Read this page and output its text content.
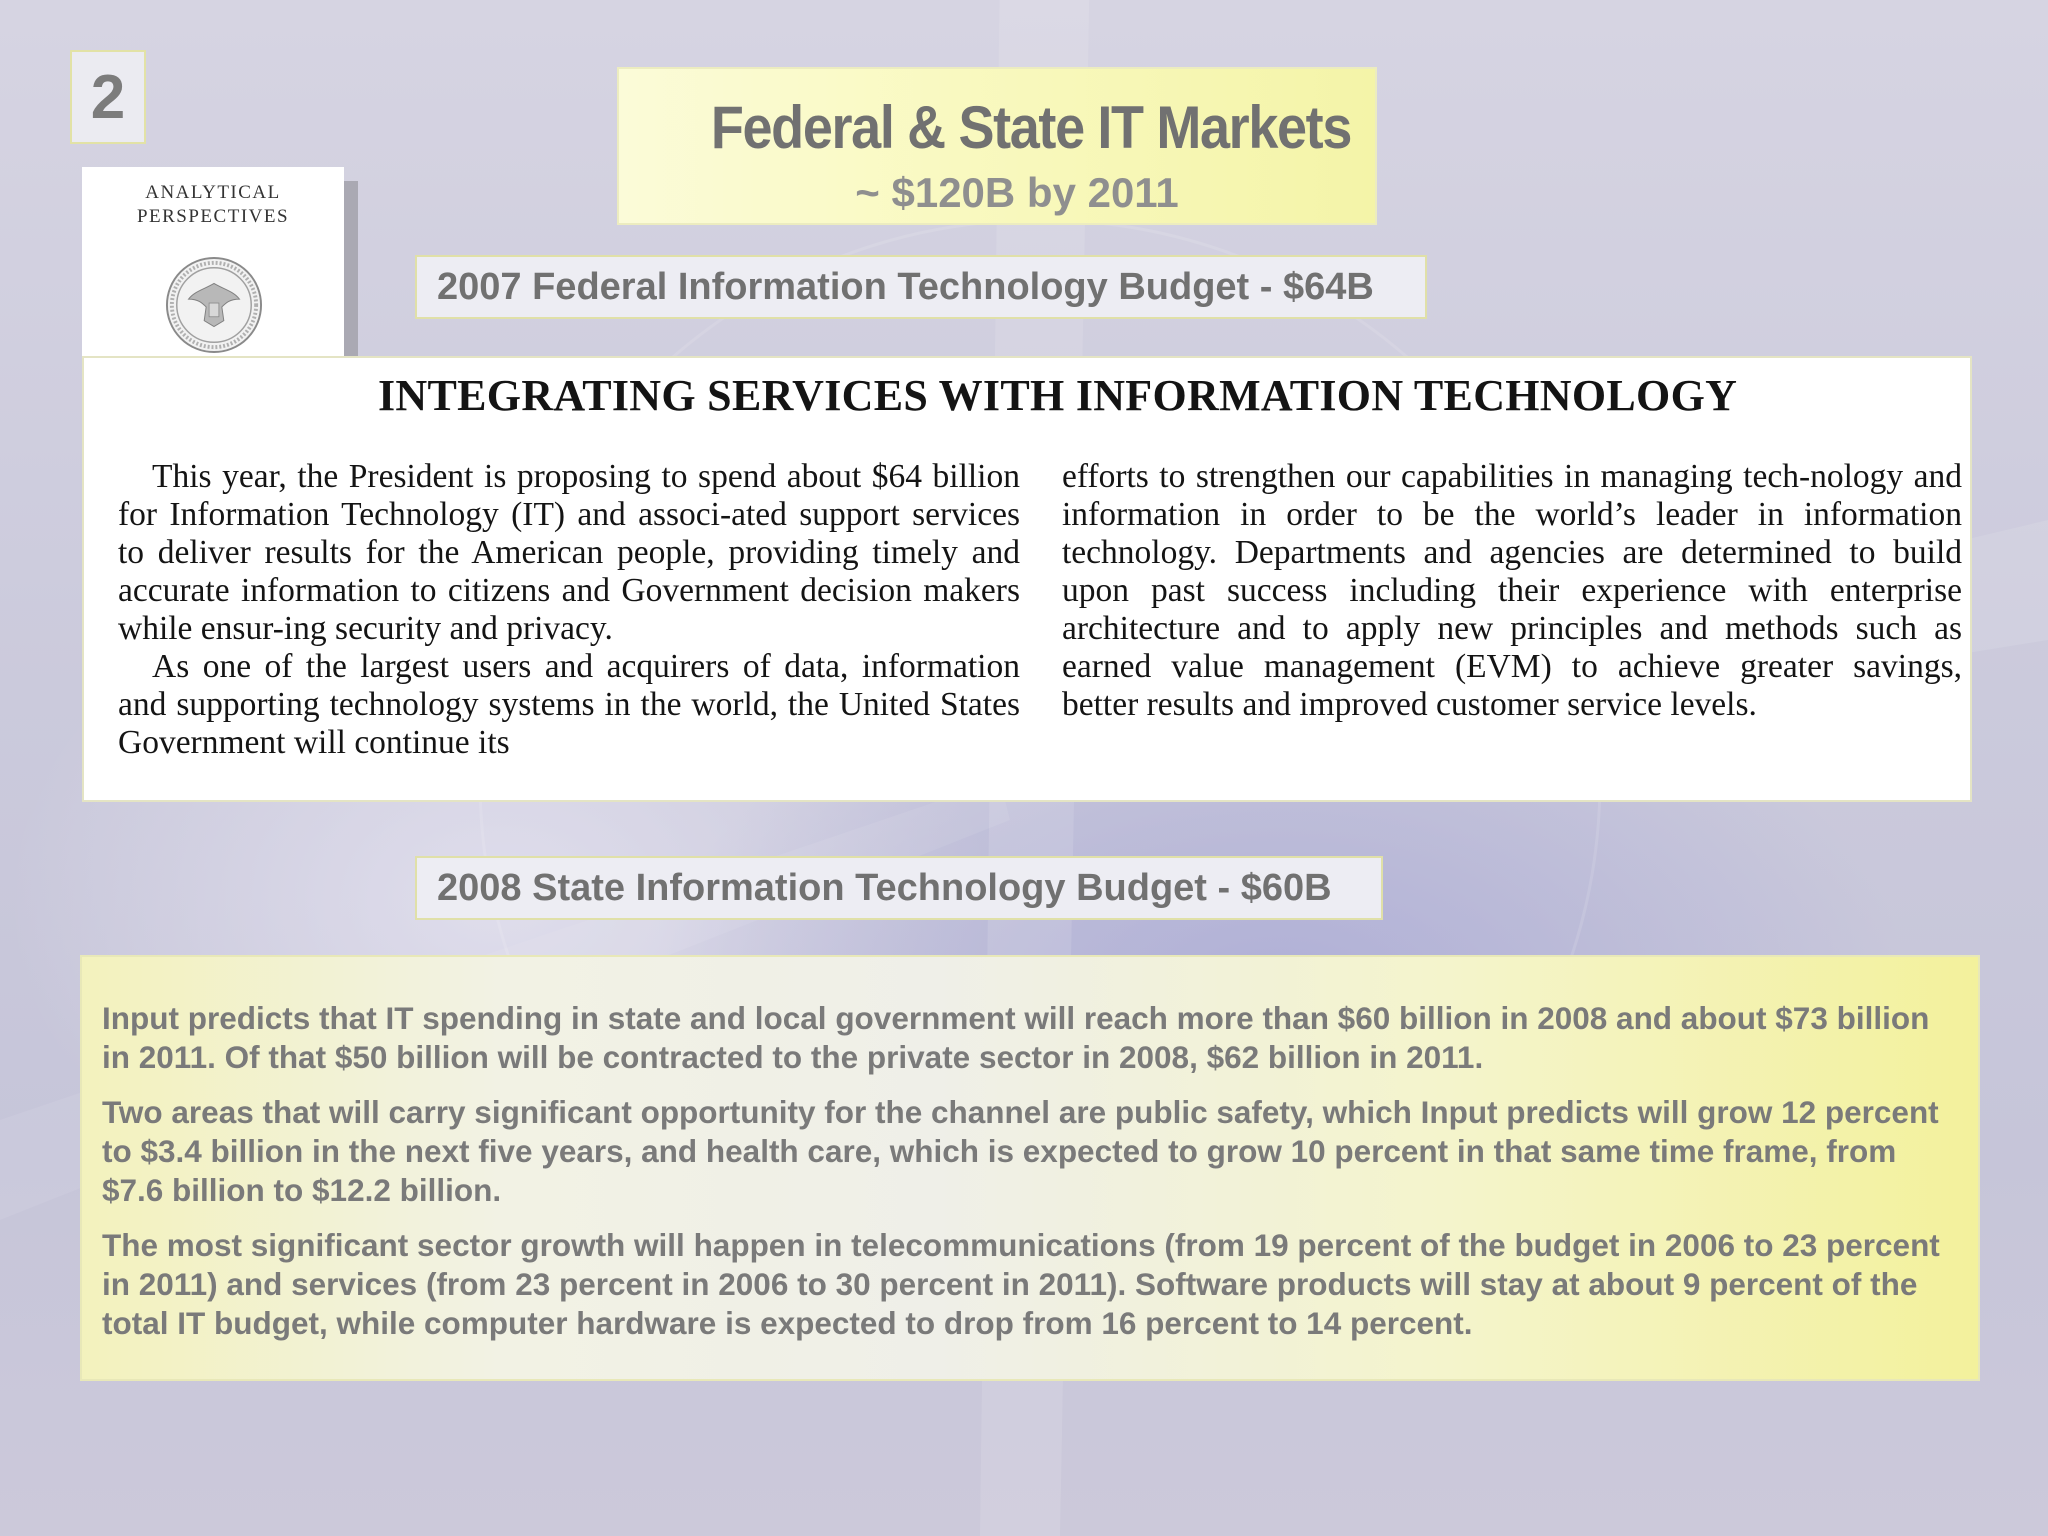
2	Federal & State IT Markets
~ $120B by 2011
ANALYTICAL
PERSPECTIVES
2007 Federal Information Technology Budget - $64B
INTEGRATING SERVICES WITH INFORMATION TECHNOLOGY

This year, the President is proposing to spend about $64 billion for Information Technology (IT) and associ-ated support services to deliver results for the American people, providing timely and accurate information to citizens and Government decision makers while ensur-ing security and privacy.

As one of the largest users and acquirers of data, information and supporting technology systems in the world, the United States Government will continue its

efforts to strengthen our capabilities in managing tech-nology and information in order to be the world’s leader in information technology. Departments and agencies are determined to build upon past success including their experience with enterprise architecture and to apply new principles and methods such as earned value management (EVM) to achieve greater savings, better results and improved customer service levels.

2008 State Information Technology Budget - $60B

Input predicts that IT spending in state and local government will reach more than $60 billion in 2008 and about $73 billion in 2011. Of that $50 billion will be contracted to the private sector in 2008, $62 billion in 2011.

Two areas that will carry significant opportunity for the channel are public safety, which Input predicts will grow 12 percent to $3.4 billion in the next five years, and health care, which is expected to grow 10 percent in that same time frame, from $7.6 billion to $12.2 billion.

The most significant sector growth will happen in telecommunications (from 19 percent of the budget in 2006 to 23 percent in 2011) and services (from 23 percent in 2006 to 30 percent in 2011). Software products will stay at about 9 percent of the total IT budget, while computer hardware is expected to drop from 16 percent to 14 percent.
